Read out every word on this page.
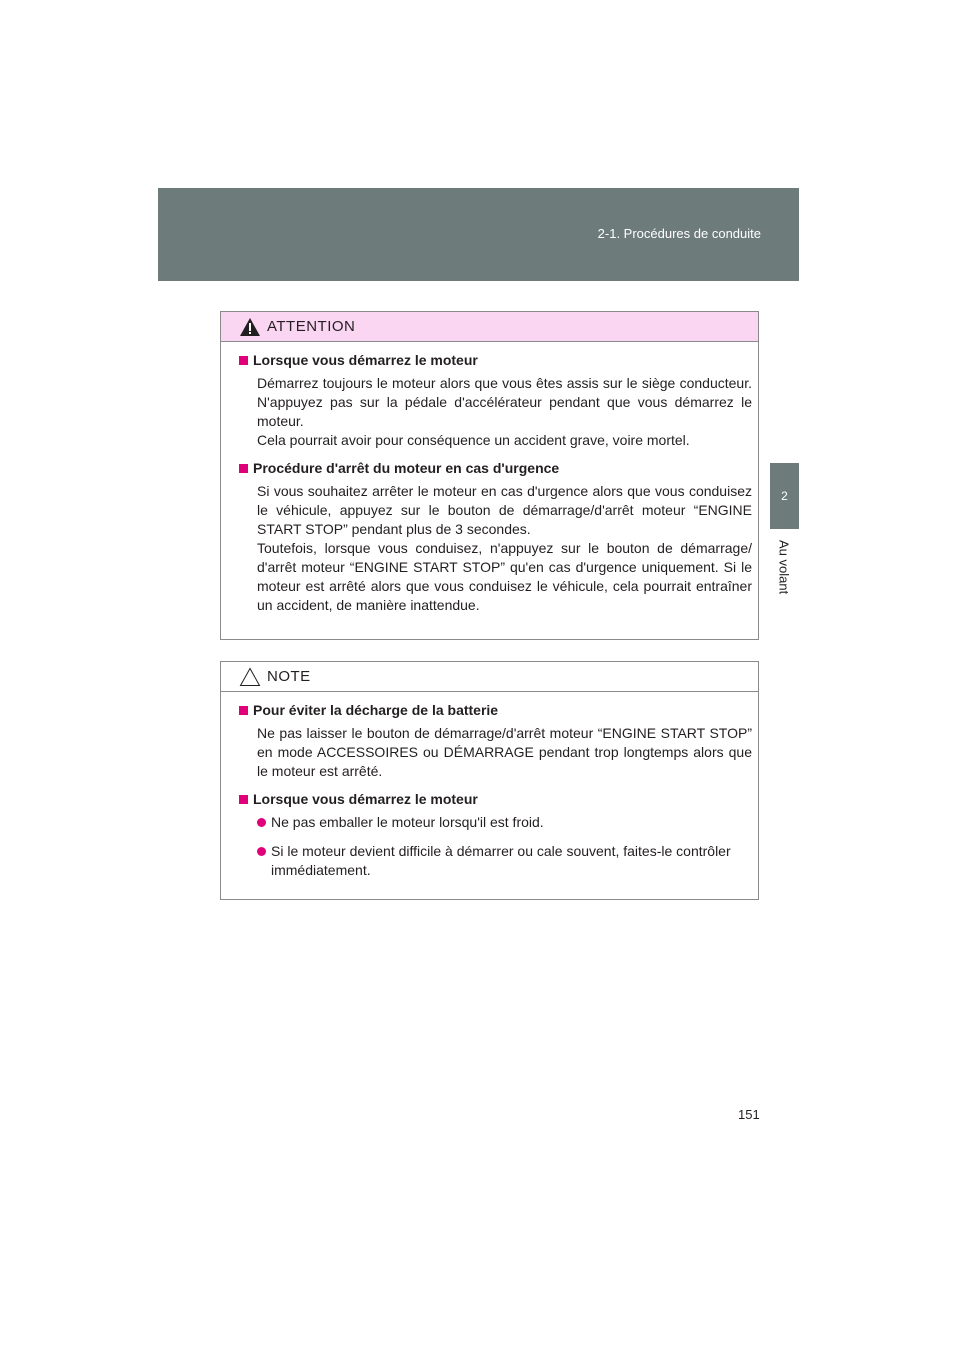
2-1. Procédures de conduite
2
Au volant
ATTENTION
Lorsque vous démarrez le moteur
Démarrez toujours le moteur alors que vous êtes assis sur le siège conducteur. N'appuyez pas sur la pédale d'accélérateur pendant que vous démarrez le moteur.
Cela pourrait avoir pour conséquence un accident grave, voire mortel.
Procédure d'arrêt du moteur en cas d'urgence
Si vous souhaitez arrêter le moteur en cas d'urgence alors que vous conduisez le véhicule, appuyez sur le bouton de démarrage/d'arrêt moteur “ENGINE START STOP” pendant plus de 3 secondes.
Toutefois, lorsque vous conduisez, n'appuyez sur le bouton de démarrage/ d'arrêt moteur “ENGINE START STOP” qu'en cas d'urgence uniquement. Si le moteur est arrêté alors que vous conduisez le véhicule, cela pourrait entraîner un accident, de manière inattendue.
NOTE
Pour éviter la décharge de la batterie
Ne pas laisser le bouton de démarrage/d'arrêt moteur “ENGINE START STOP” en mode ACCESSOIRES ou DÉMARRAGE pendant trop longtemps alors que le moteur est arrêté.
Lorsque vous démarrez le moteur
Ne pas emballer le moteur lorsqu'il est froid.
Si le moteur devient difficile à démarrer ou cale souvent, faites-le contrôler immédiatement.
151
